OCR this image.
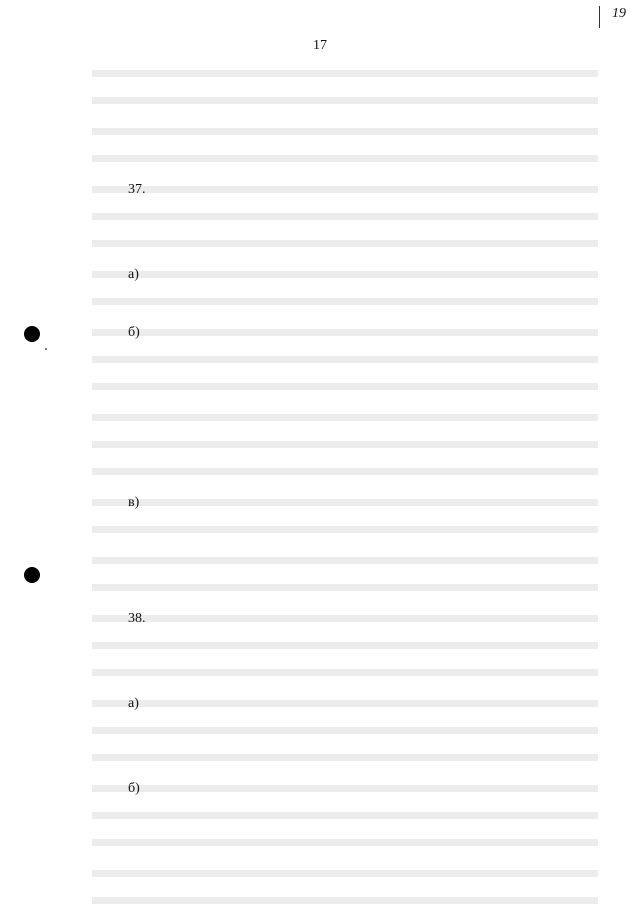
19
17

37.

а)

б)

в)

38.

а)

б)
